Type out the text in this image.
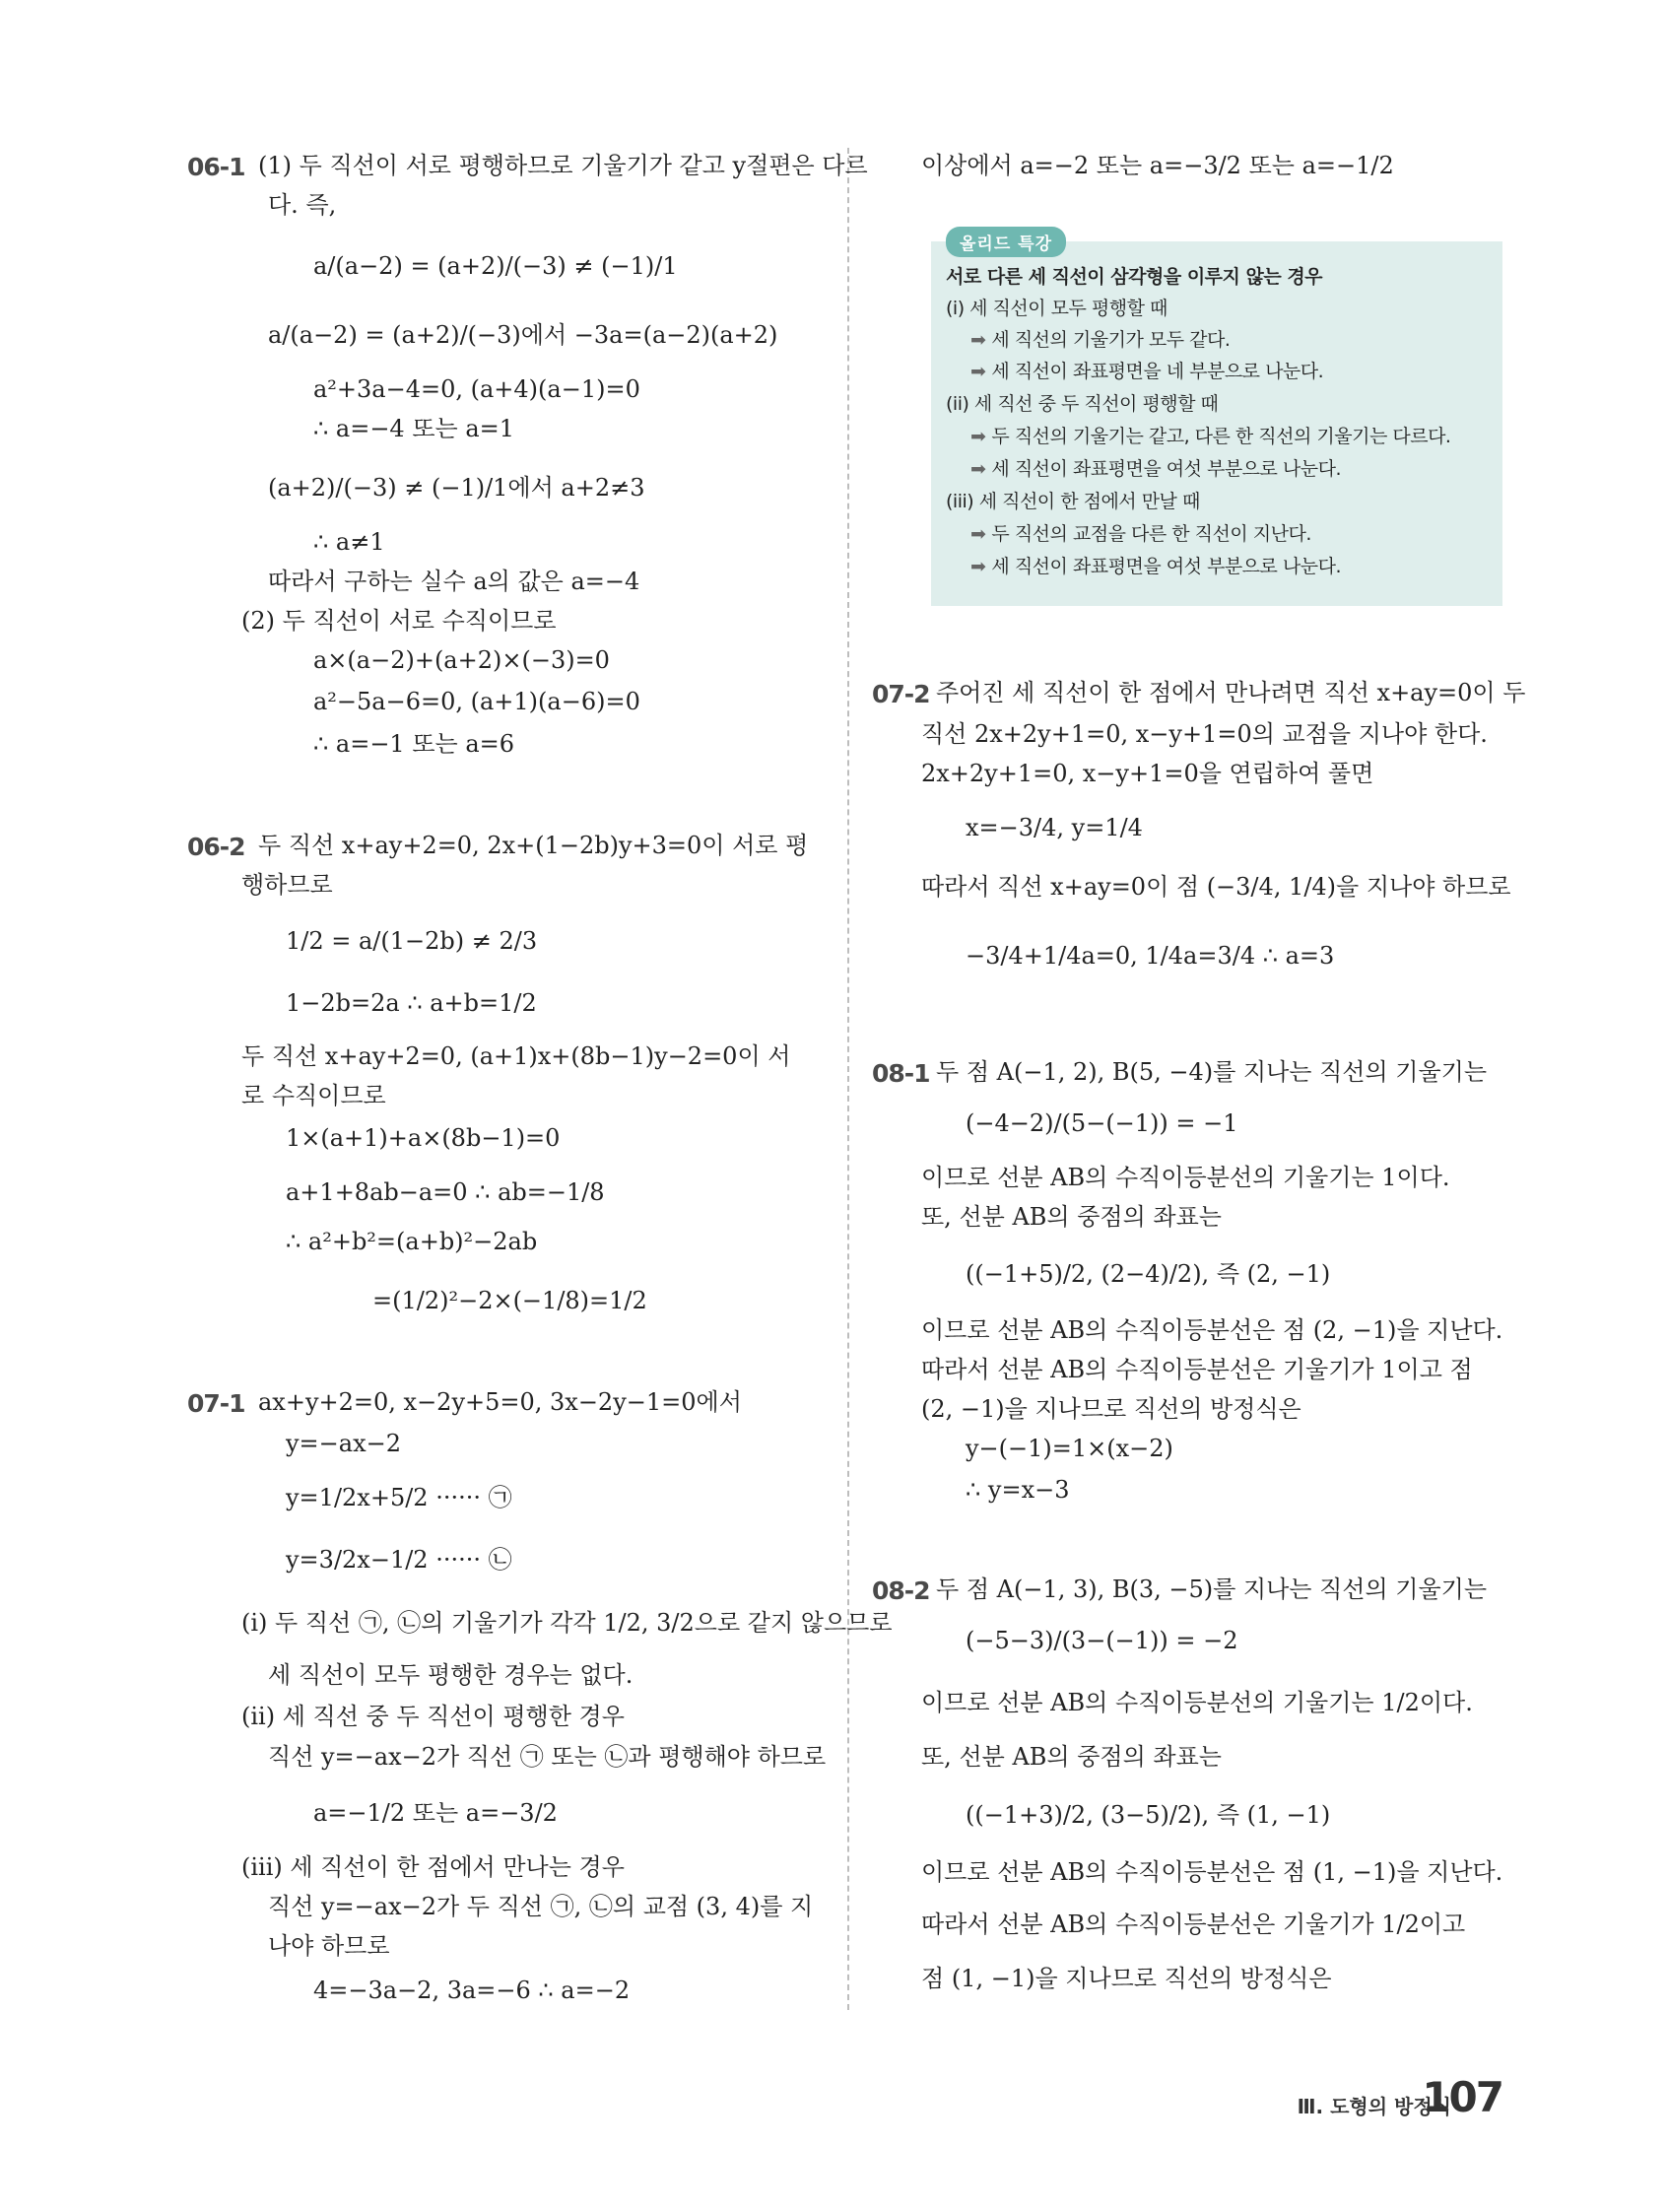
06-1 (1) 두 직선이 서로 평행하므로 기울기가 같고 y절편은 다르
다. 즉,
a/(a−2) = (a+2)/(−3) ≠ (−1)/1
a/(a−2) = (a+2)/(−3)에서 −3a=(a−2)(a+2)
a²+3a−4=0, (a+4)(a−1)=0
∴ a=−4 또는 a=1
(a+2)/(−3) ≠ (−1)/1에서 a+2≠3
∴ a≠1
따라서 구하는 실수 a의 값은 a=−4
(2) 두 직선이 서로 수직이므로
a×(a−2)+(a+2)×(−3)=0
a²−5a−6=0, (a+1)(a−6)=0
∴ a=−1 또는 a=6
06-2 두 직선 x+ay+2=0, 2x+(1−2b)y+3=0이 서로 평
행하므로
1/2 = a/(1−2b) ≠ 2/3
1−2b=2a ∴ a+b=1/2
두 직선 x+ay+2=0, (a+1)x+(8b−1)y−2=0이 서
로 수직이므로
1×(a+1)+a×(8b−1)=0
a+1+8ab−a=0 ∴ ab=−1/8
∴ a²+b²=(a+b)²−2ab
=(1/2)²−2×(−1/8)=1/2
07-1 ax+y+2=0, x−2y+5=0, 3x−2y−1=0에서
y=−ax−2
y=1/2x+5/2 ······ ㉠
y=3/2x−1/2 ······ ㉡
(i) 두 직선 ㉠, ㉡의 기울기가 각각 1/2, 3/2으로 같지 않으므로
세 직선이 모두 평행한 경우는 없다.
(ii) 세 직선 중 두 직선이 평행한 경우
직선 y=−ax−2가 직선 ㉠ 또는 ㉡과 평행해야 하므로
a=−1/2 또는 a=−3/2
(iii) 세 직선이 한 점에서 만나는 경우
직선 y=−ax−2가 두 직선 ㉠, ㉡의 교점 (3, 4)를 지
나야 하므로
4=−3a−2, 3a=−6 ∴ a=−2
이상에서 a=−2 또는 a=−3/2 또는 a=−1/2
올리드 특강
서로 다른 세 직선이 삼각형을 이루지 않는 경우
(i) 세 직선이 모두 평행할 때
➡ 세 직선의 기울기가 모두 같다.
➡ 세 직선이 좌표평면을 네 부분으로 나눈다.
(ii) 세 직선 중 두 직선이 평행할 때
➡ 두 직선의 기울기는 같고, 다른 한 직선의 기울기는 다르다.
➡ 세 직선이 좌표평면을 여섯 부분으로 나눈다.
(iii) 세 직선이 한 점에서 만날 때
➡ 두 직선의 교점을 다른 한 직선이 지난다.
➡ 세 직선이 좌표평면을 여섯 부분으로 나눈다.
07-2 주어진 세 직선이 한 점에서 만나려면 직선 x+ay=0이 두
직선 2x+2y+1=0, x−y+1=0의 교점을 지나야 한다.
2x+2y+1=0, x−y+1=0을 연립하여 풀면
x=−3/4, y=1/4
따라서 직선 x+ay=0이 점 (−3/4, 1/4)을 지나야 하므로
−3/4+1/4a=0, 1/4a=3/4 ∴ a=3
08-1 두 점 A(−1, 2), B(5, −4)를 지나는 직선의 기울기는
(−4−2)/(5−(−1)) = −1
이므로 선분 AB의 수직이등분선의 기울기는 1이다.
또, 선분 AB의 중점의 좌표는
((−1+5)/2, (2−4)/2), 즉 (2, −1)
이므로 선분 AB의 수직이등분선은 점 (2, −1)을 지난다.
따라서 선분 AB의 수직이등분선은 기울기가 1이고 점
(2, −1)을 지나므로 직선의 방정식은
y−(−1)=1×(x−2)
∴ y=x−3
08-2 두 점 A(−1, 3), B(3, −5)를 지나는 직선의 기울기는
(−5−3)/(3−(−1)) = −2
이므로 선분 AB의 수직이등분선의 기울기는 1/2이다.
또, 선분 AB의 중점의 좌표는
((−1+3)/2, (3−5)/2), 즉 (1, −1)
이므로 선분 AB의 수직이등분선은 점 (1, −1)을 지난다.
따라서 선분 AB의 수직이등분선은 기울기가 1/2이고
점 (1, −1)을 지나므로 직선의 방정식은
Ⅲ. 도형의 방정식
107
